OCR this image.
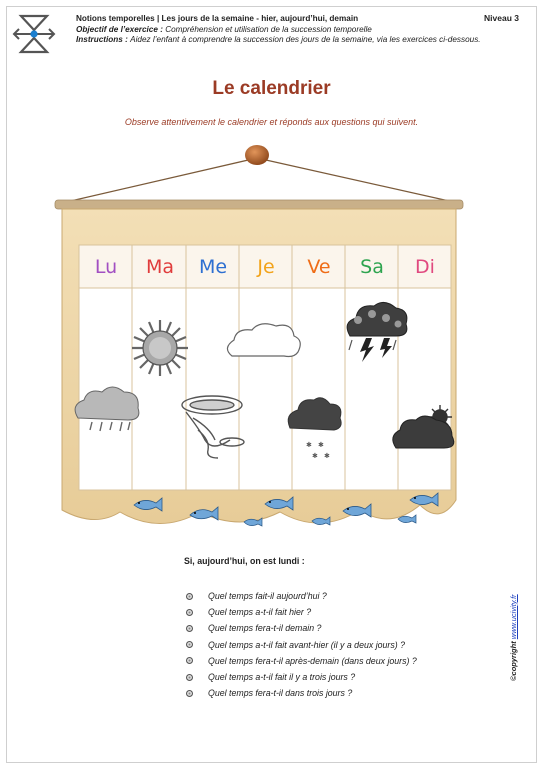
Notions temporelles | Les jours de la semaine - hier, aujourd’hui, demain
Objectif de l’exercice : Compréhension et utilisation de la succession temporelle
Instructions : Aidez l’enfant à comprendre la succession des jours de la semaine, via les exercices ci-dessous.
Niveau 3
Le calendrier
Observe attentivement le calendrier et réponds aux questions qui suivent.
✱ ✱
✱ ✱
Lu	Ma	Me	Je	Ve	Sa	Di
Si, aujourd’hui, on est lundi :
Quel temps fait-il aujourd’hui ?
Quel temps a-t-il fait hier ?
Quel temps fera-t-il demain ?
Quel temps a-t-il fait avant-hier (il y a deux jours) ?
Quel temps fera-t-il après-demain (dans deux jours) ?
Quel temps a-t-il fait il y a trois jours ?
Quel temps fera-t-il dans trois jours ?
©copyright www.ucivity.fr
